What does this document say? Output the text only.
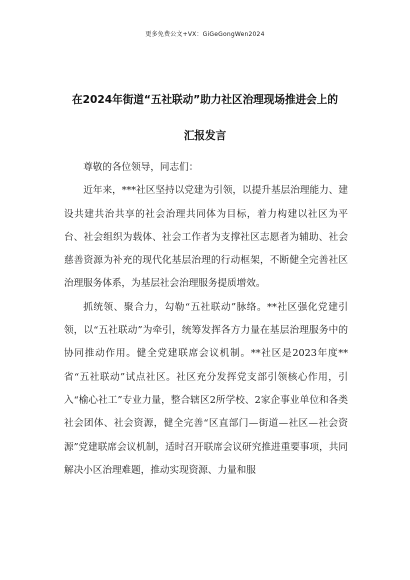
更多免费公文+VX：GiGeGongWen2024
在2024年街道“五社联动”助力社区治理现场推进会上的
汇报发言

尊敬的各位领导，同志们：

近年来，***社区坚持以党建为引领，以提升基层治理能力、建设共建共治共享的社会治理共同体为目标，着力构建以社区为平台、社会组织为载体、社会工作者为支撑社区志愿者为辅助、社会慈善资源为补充的现代化基层治理的行动框架，不断健全完善社区治理服务体系，为基层社会治理服务提质增效。

抓统领、聚合力，勾勒“五社联动”脉络。**社区强化党建引领，以“五社联动”为牵引，统筹发挥各方力量在基层治理服务中的协同推动作用。健全党建联席会议机制。**社区是2023年度**省“五社联动”试点社区。社区充分发挥党支部引领核心作用，引入“榆心社工”专业力量，整合辖区2所学校、2家企事业单位和各类社会团体、社会资源，健全完善“区直部门—街道—社区—社会资源”党建联席会议机制，适时召开联席会议研究推进重要事项，共同解决小区治理难题，推动实现资源、力量和服
